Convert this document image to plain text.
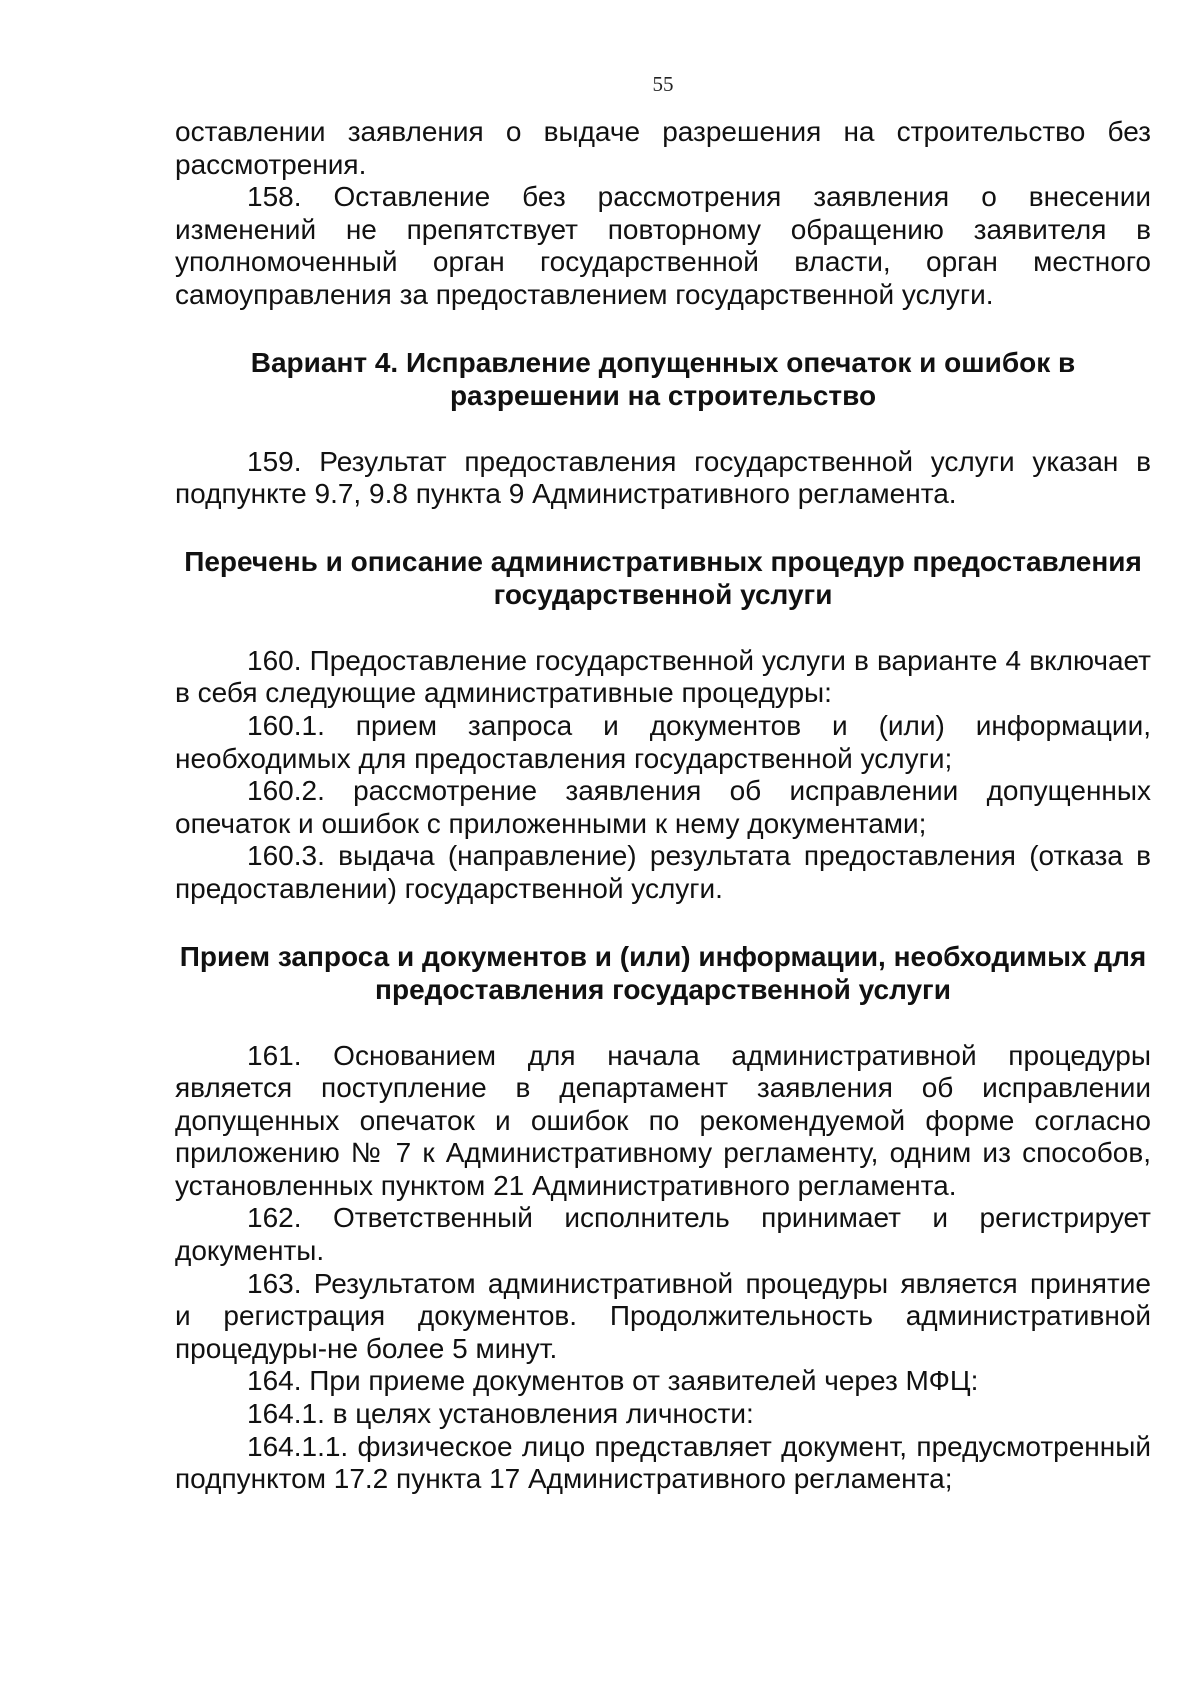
55

оставлении заявления о выдаче разрешения на строительство без рассмотрения.

158. Оставление без рассмотрения заявления о внесении изменений не препятствует повторному обращению заявителя в уполномоченный орган государственной власти, орган местного самоуправления за предоставлением государственной услуги.

Вариант 4. Исправление допущенных опечаток и ошибок в разрешении на строительство

159. Результат предоставления государственной услуги указан в подпункте 9.7, 9.8 пункта 9 Административного регламента.

Перечень и описание административных процедур предоставления государственной услуги

160. Предоставление государственной услуги в варианте 4 включает в себя следующие административные процедуры:

160.1. прием запроса и документов и (или) информации, необходимых для предоставления государственной услуги;

160.2. рассмотрение заявления об исправлении допущенных опечаток и ошибок с приложенными к нему документами;

160.3. выдача (направление) результата предоставления (отказа в предоставлении) государственной услуги.

Прием запроса и документов и (или) информации, необходимых для предоставления государственной услуги

161. Основанием для начала административной процедуры является поступление в департамент заявления об исправлении допущенных опечаток и ошибок по рекомендуемой форме согласно приложению № 7 к Административному регламенту, одним из способов, установленных пунктом 21 Административного регламента.

162. Ответственный исполнитель принимает и регистрирует документы.

163. Результатом административной процедуры является принятие и регистрация документов. Продолжительность административной процедуры-не более 5 минут.

164. При приеме документов от заявителей через МФЦ:

164.1. в целях установления личности:

164.1.1. физическое лицо представляет документ, предусмотренный подпунктом 17.2 пункта 17 Административного регламента;
